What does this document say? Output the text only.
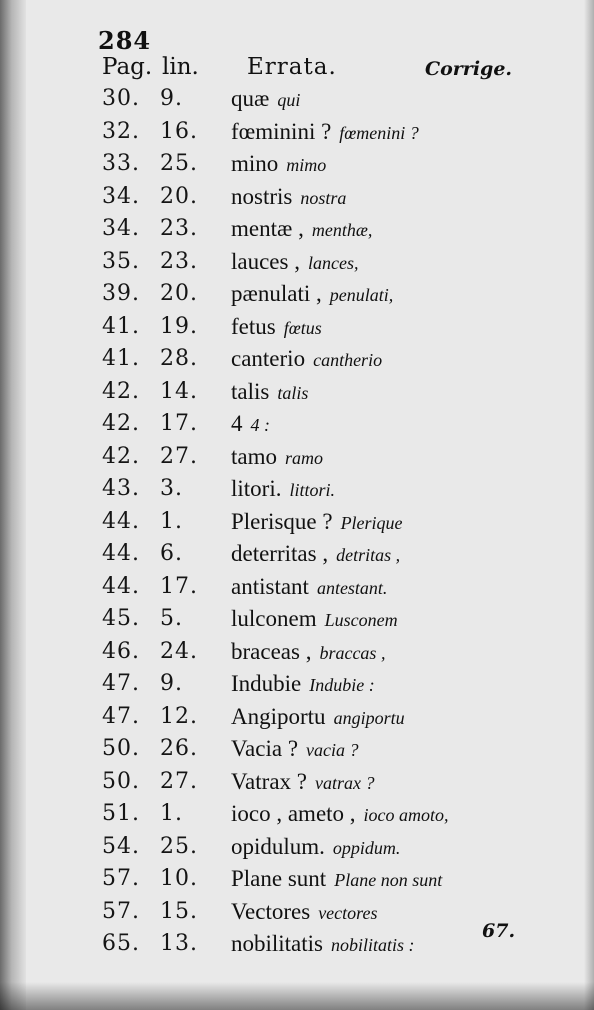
284
Pag. lin. Errata.	Corrige.
30. 9. quæ qui
32. 16. fœminini ? fœmenini ?
33. 25. mino mimo
34. 20. nostris nostra
34. 23. mentæ , menthæ,
35. 23. lauces , lances,
39. 20. pænulati , penulati,
41. 19. fetus fœtus
41. 28. canterio cantherio
42. 14. talis talis
42. 17. 4 4 :
42. 27. tamo ramo
43. 3. litori. littori.
44. 1. Plerisque ? Plerique
44. 6. deterritas , detritas ,
44. 17. antistant antestant.
45. 5. lulconem Lusconem
46. 24. braceas , braccas ,
47. 9. Indubie Indubie :
47. 12. Angiportu angiportu
50. 26. Vacia ? vacia ?
50. 27. Vatrax ? vatrax ?
51. 1. ioco , ameto , ioco amoto,
54. 25. opidulum. oppidum.
57. 10. Plane sunt Plane non sunt
57. 15. Vectores vectores
65. 13. nobilitatis nobilitatis :
67.
